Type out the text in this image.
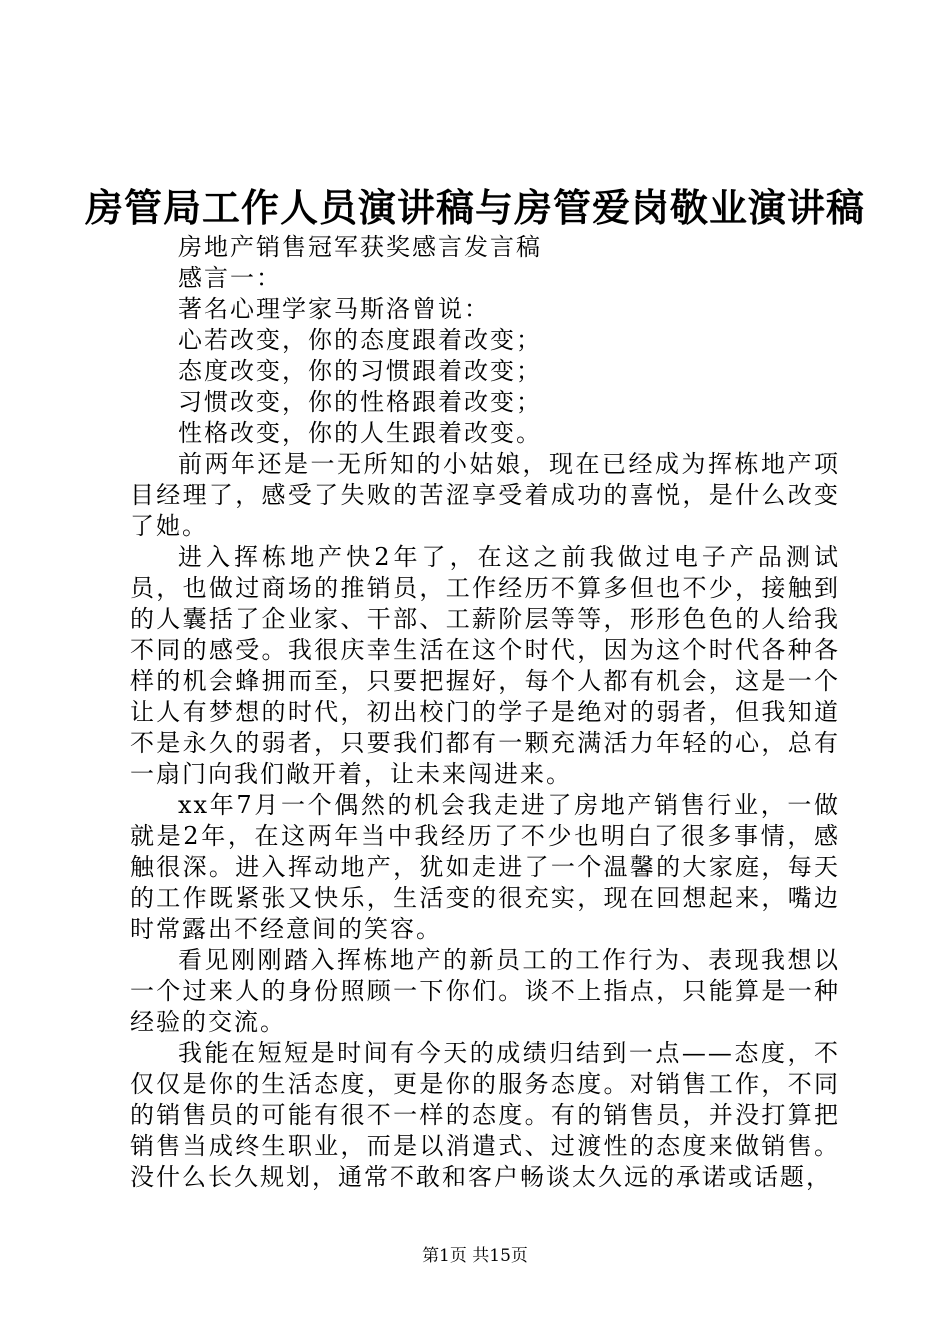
房管局工作人员演讲稿与房管爱岗敬业演讲稿

房地产销售冠军获奖感言发言稿

感言一：

著名心理学家马斯洛曾说：

心若改变，你的态度跟着改变；

态度改变，你的习惯跟着改变；

习惯改变，你的性格跟着改变；

性格改变，你的人生跟着改变。

前两年还是一无所知的小姑娘，现在已经成为挥栋地产项目经理了，感受了失败的苦涩享受着成功的喜悦，是什么改变了她。

进入挥栋地产快2年了，在这之前我做过电子产品测试员，也做过商场的推销员，工作经历不算多但也不少，接触到的人囊括了企业家、干部、工薪阶层等等，形形色色的人给我不同的感受。我很庆幸生活在这个时代，因为这个时代各种各样的机会蜂拥而至，只要把握好，每个人都有机会，这是一个让人有梦想的时代，初出校门的学子是绝对的弱者，但我知道不是永久的弱者，只要我们都有一颗充满活力年轻的心，总有一扇门向我们敞开着，让未来闯进来。

xx年7月一个偶然的机会我走进了房地产销售行业，一做就是2年，在这两年当中我经历了不少也明白了很多事情，感触很深。进入挥动地产，犹如走进了一个温馨的大家庭，每天的工作既紧张又快乐，生活变的很充实，现在回想起来，嘴边时常露出不经意间的笑容。

看见刚刚踏入挥栋地产的新员工的工作行为、表现我想以一个过来人的身份照顾一下你们。谈不上指点，只能算是一种经验的交流。

我能在短短是时间有今天的成绩归结到一点——态度，不仅仅是你的生活态度，更是你的服务态度。对销售工作，不同的销售员的可能有很不一样的态度。有的销售员，并没打算把销售当成终生职业，而是以消遣式、过渡性的态度来做销售。没什么长久规划，通常不敢和客户畅谈太久远的承诺或话题，

第1页 共15页
